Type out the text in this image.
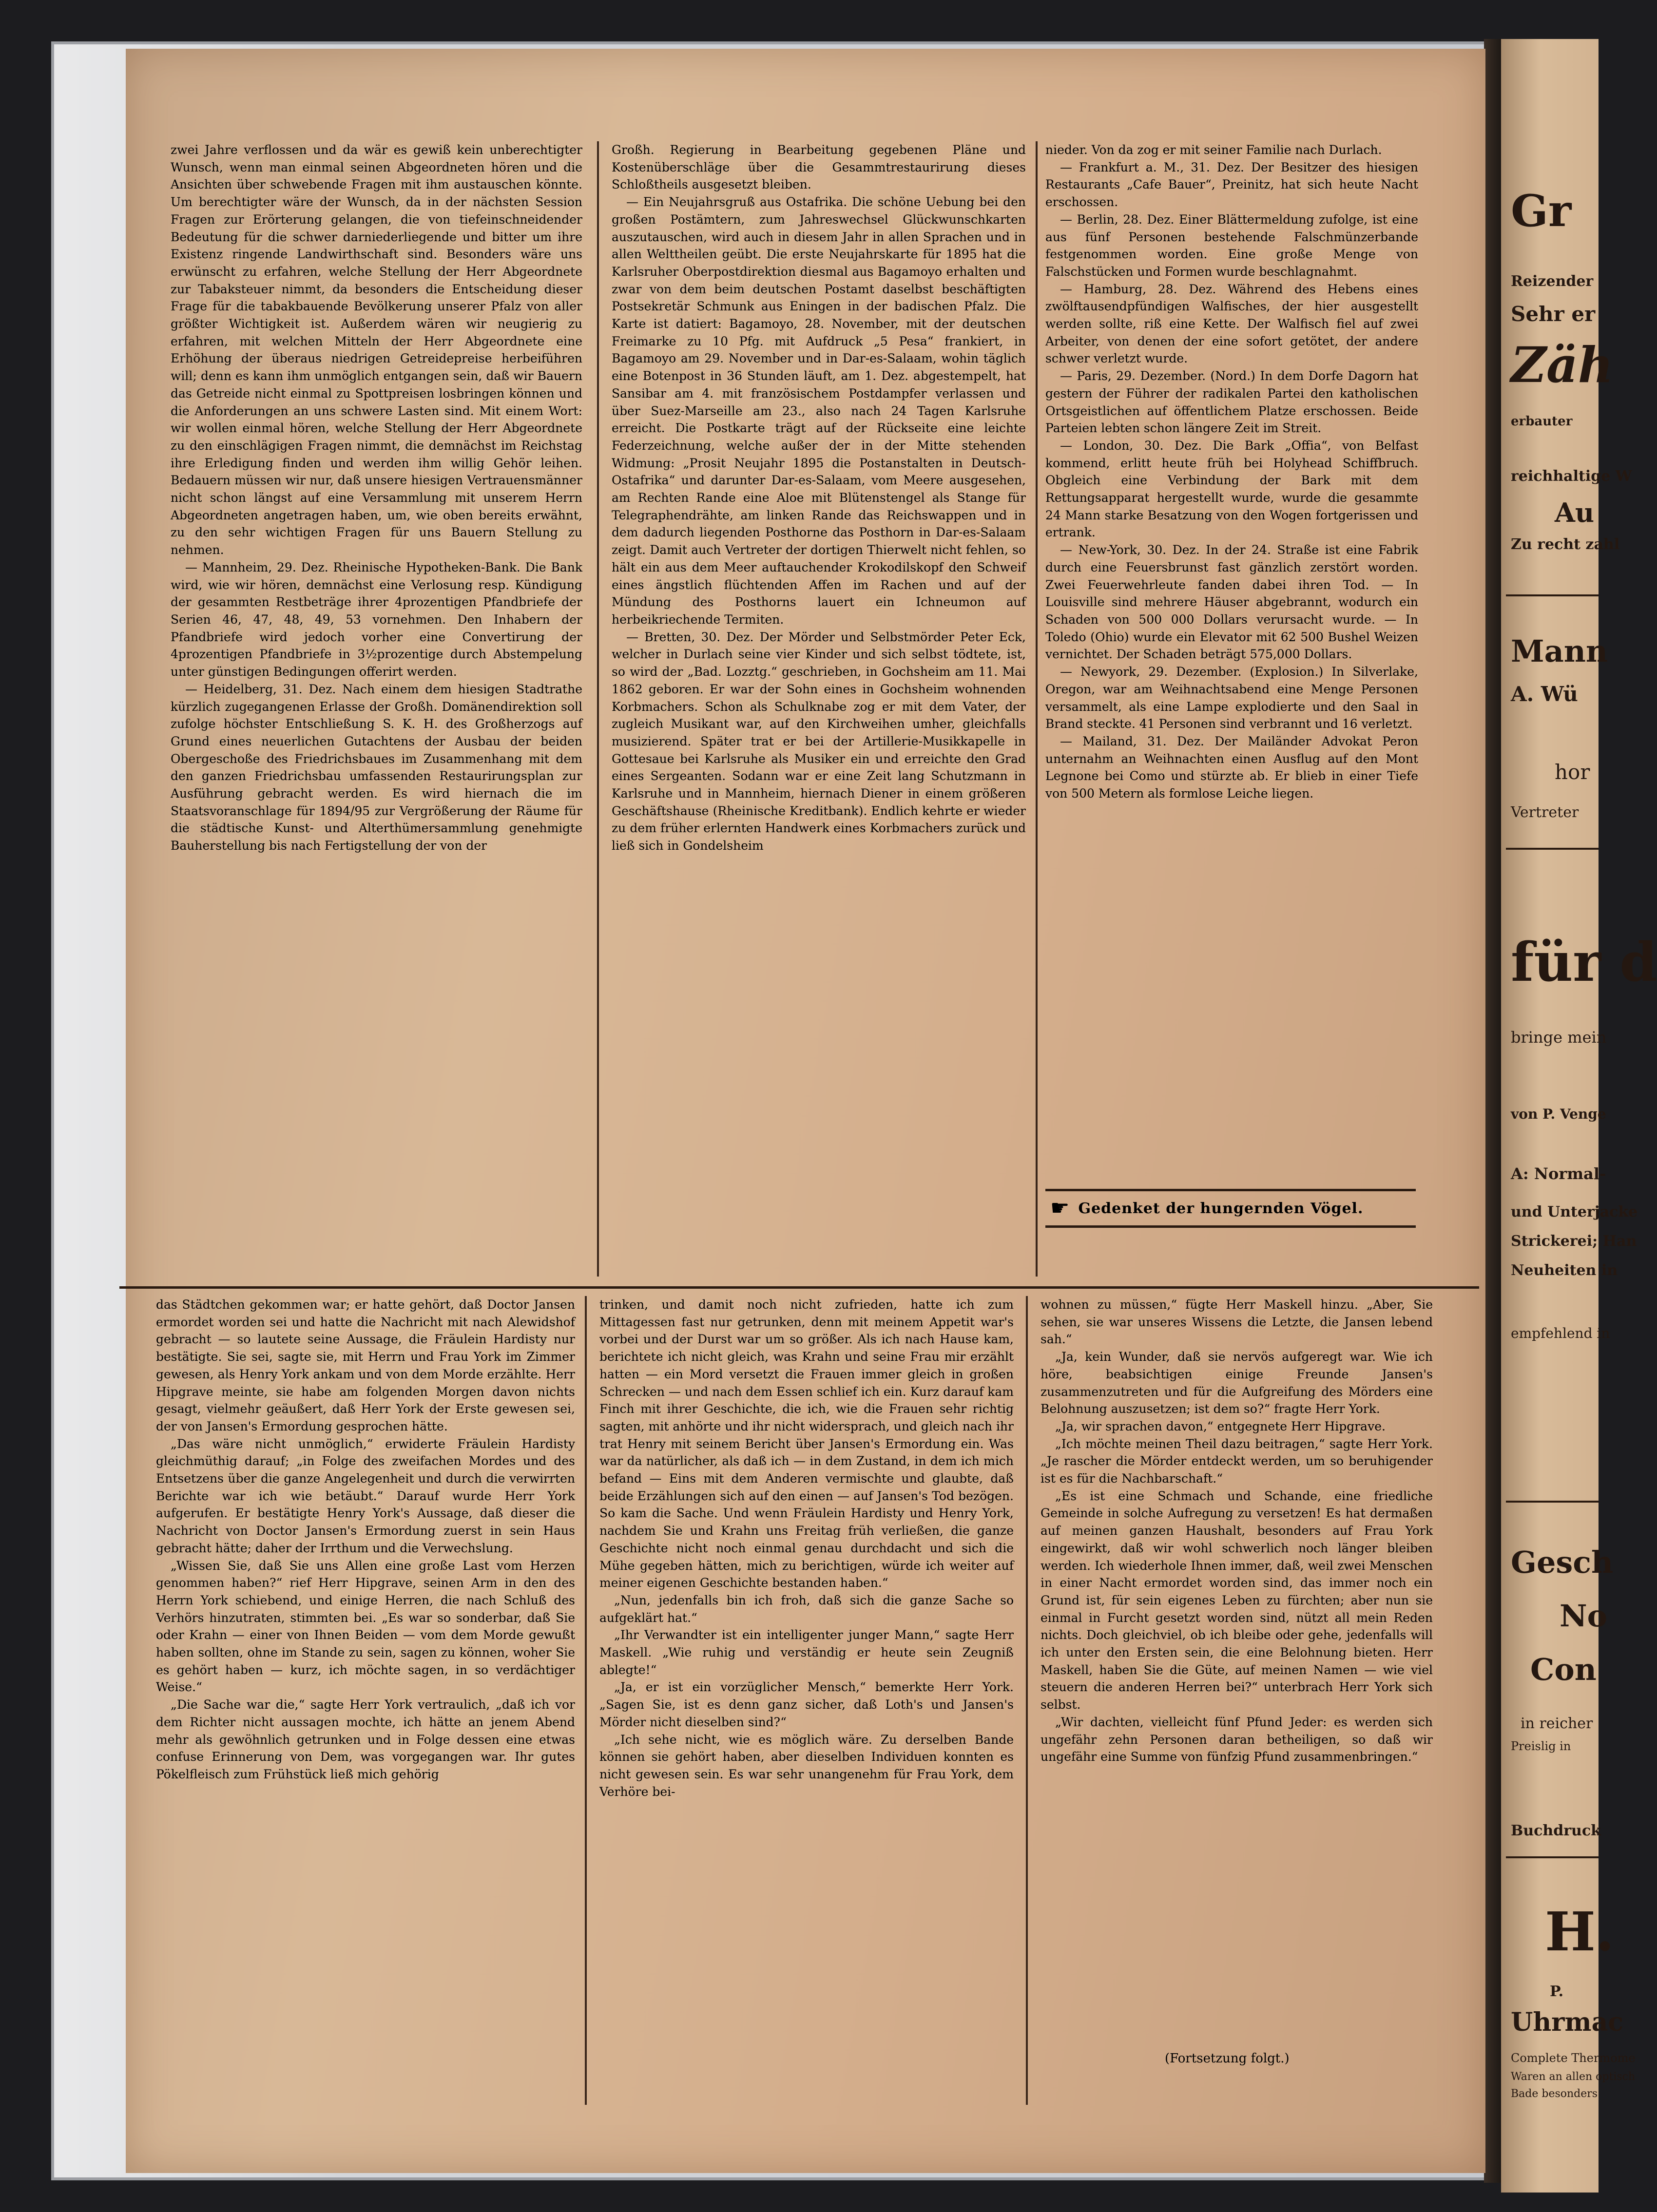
Gr
Reizender
Sehr er
Zäh
erbauter
reichhaltige W
Au
Zu recht zahl
Mann
A. Wü
hor
Vertreter
für d
bringe mein
von P. Venge
A: Normal-
und Unterjacke
Strickerei; Han
Neuheiten in
empfehlend in
Gesch
No
Con
in reicher
Preislig in
Buchdruck
H.
P.
Uhrmac
Complete Thermome
Waren an allen optisch
Bade besonders

zwei Jahre verflossen und da wär es gewiß kein unberechtigter Wunsch, wenn man einmal seinen Abgeordneten hören und die Ansichten über schwebende Fragen mit ihm austauschen könnte. Um berechtigter wäre der Wunsch, da in der nächsten Session Fragen zur Erörterung gelangen, die von tiefeinschneidender Bedeutung für die schwer darniederliegende und bitter um ihre Existenz ringende Landwirthschaft sind. Besonders wäre uns erwünscht zu erfahren, welche Stellung der Herr Abgeordnete zur Tabaksteuer nimmt, da besonders die Entscheidung dieser Frage für die tabakbauende Bevölkerung unserer Pfalz von aller größter Wichtigkeit ist. Außerdem wären wir neugierig zu erfahren, mit welchen Mitteln der Herr Abgeordnete eine Erhöhung der überaus niedrigen Getreidepreise herbeiführen will; denn es kann ihm unmöglich entgangen sein, daß wir Bauern das Getreide nicht einmal zu Spottpreisen losbringen können und die Anforderungen an uns schwere Lasten sind. Mit einem Wort: wir wollen einmal hören, welche Stellung der Herr Abgeordnete zu den einschlägigen Fragen nimmt, die demnächst im Reichstag ihre Erledigung finden und werden ihm willig Gehör leihen. Bedauern müssen wir nur, daß unsere hiesigen Vertrauensmänner nicht schon längst auf eine Versammlung mit unserem Herrn Abgeordneten angetragen haben, um, wie oben bereits erwähnt, zu den sehr wichtigen Fragen für uns Bauern Stellung zu nehmen.

— Mannheim, 29. Dez. Rheinische Hypotheken-Bank. Die Bank wird, wie wir hören, demnächst eine Verlosung resp. Kündigung der gesammten Restbeträge ihrer 4prozentigen Pfandbriefe der Serien 46, 47, 48, 49, 53 vornehmen. Den Inhabern der Pfandbriefe wird jedoch vorher eine Convertirung der 4prozentigen Pfandbriefe in 3½prozentige durch Abstempelung unter günstigen Bedingungen offerirt werden.

— Heidelberg, 31. Dez. Nach einem dem hiesigen Stadtrathe kürzlich zugegangenen Erlasse der Großh. Domänendirektion soll zufolge höchster Entschließung S. K. H. des Großherzogs auf Grund eines neuerlichen Gutachtens der Ausbau der beiden Obergeschoße des Friedrichsbaues im Zusammenhang mit dem den ganzen Friedrichsbau umfassenden Restaurirungsplan zur Ausführung gebracht werden. Es wird hiernach die im Staatsvoranschlage für 1894/95 zur Vergrößerung der Räume für die städtische Kunst- und Alterthümersammlung genehmigte Bauherstellung bis nach Fertigstellung der von der

Großh. Regierung in Bearbeitung gegebenen Pläne und Kostenüberschläge über die Gesammtrestaurirung dieses Schloßtheils ausgesetzt bleiben.

— Ein Neujahrsgruß aus Ostafrika. Die schöne Uebung bei den großen Postämtern, zum Jahreswechsel Glückwunschkarten auszutauschen, wird auch in diesem Jahr in allen Sprachen und in allen Welttheilen geübt. Die erste Neujahrskarte für 1895 hat die Karlsruher Oberpostdirektion diesmal aus Bagamoyo erhalten und zwar von dem beim deutschen Postamt daselbst beschäftigten Postsekretär Schmunk aus Eningen in der badischen Pfalz. Die Karte ist datiert: Bagamoyo, 28. November, mit der deutschen Freimarke zu 10 Pfg. mit Aufdruck „5 Pesa“ frankiert, in Bagamoyo am 29. November und in Dar-es-Salaam, wohin täglich eine Botenpost in 36 Stunden läuft, am 1. Dez. abgestempelt, hat Sansibar am 4. mit französischem Postdampfer verlassen und über Suez-Marseille am 23., also nach 24 Tagen Karlsruhe erreicht. Die Postkarte trägt auf der Rückseite eine leichte Federzeichnung, welche außer der in der Mitte stehenden Widmung: „Prosit Neujahr 1895 die Postanstalten in Deutsch-Ostafrika“ und darunter Dar-es-Salaam, vom Meere ausgesehen, am Rechten Rande eine Aloe mit Blütenstengel als Stange für Telegraphendrähte, am linken Rande das Reichswappen und in dem dadurch liegenden Posthorne das Posthorn in Dar-es-Salaam zeigt. Damit auch Vertreter der dortigen Thierwelt nicht fehlen, so hält ein aus dem Meer auftauchender Krokodilskopf den Schweif eines ängstlich flüchtenden Affen im Rachen und auf der Mündung des Posthorns lauert ein Ichneumon auf herbeikriechende Termiten.

— Bretten, 30. Dez. Der Mörder und Selbstmörder Peter Eck, welcher in Durlach seine vier Kinder und sich selbst tödtete, ist, so wird der „Bad. Lozztg.“ geschrieben, in Gochsheim am 11. Mai 1862 geboren. Er war der Sohn eines in Gochsheim wohnenden Korbmachers. Schon als Schulknabe zog er mit dem Vater, der zugleich Musikant war, auf den Kirchweihen umher, gleichfalls musizierend. Später trat er bei der Artillerie-Musikkapelle in Gottesaue bei Karlsruhe als Musiker ein und erreichte den Grad eines Sergeanten. Sodann war er eine Zeit lang Schutzmann in Karlsruhe und in Mannheim, hiernach Diener in einem größeren Geschäftshause (Rheinische Kreditbank). Endlich kehrte er wieder zu dem früher erlernten Handwerk eines Korbmachers zurück und ließ sich in Gondelsheim

nieder. Von da zog er mit seiner Familie nach Durlach.

— Frankfurt a. M., 31. Dez. Der Besitzer des hiesigen Restaurants „Cafe Bauer“, Preinitz, hat sich heute Nacht erschossen.

— Berlin, 28. Dez. Einer Blättermeldung zufolge, ist eine aus fünf Personen bestehende Falschmünzerbande festgenommen worden. Eine große Menge von Falschstücken und Formen wurde beschlagnahmt.

— Hamburg, 28. Dez. Während des Hebens eines zwölftausendpfündigen Walfisches, der hier ausgestellt werden sollte, riß eine Kette. Der Walfisch fiel auf zwei Arbeiter, von denen der eine sofort getötet, der andere schwer verletzt wurde.

— Paris, 29. Dezember. (Nord.) In dem Dorfe Dagorn hat gestern der Führer der radikalen Partei den katholischen Ortsgeistlichen auf öffentlichem Platze erschossen. Beide Parteien lebten schon längere Zeit im Streit.

— London, 30. Dez. Die Bark „Offia“, von Belfast kommend, erlitt heute früh bei Holyhead Schiffbruch. Obgleich eine Verbindung der Bark mit dem Rettungsapparat hergestellt wurde, wurde die gesammte 24 Mann starke Besatzung von den Wogen fortgerissen und ertrank.

— New-York, 30. Dez. In der 24. Straße ist eine Fabrik durch eine Feuersbrunst fast gänzlich zerstört worden. Zwei Feuerwehrleute fanden dabei ihren Tod. — In Louisville sind mehrere Häuser abgebrannt, wodurch ein Schaden von 500 000 Dollars verursacht wurde. — In Toledo (Ohio) wurde ein Elevator mit 62 500 Bushel Weizen vernichtet. Der Schaden beträgt 575,000 Dollars.

— Newyork, 29. Dezember. (Explosion.) In Silverlake, Oregon, war am Weihnachtsabend eine Menge Personen versammelt, als eine Lampe explodierte und den Saal in Brand steckte. 41 Personen sind verbrannt und 16 verletzt.

— Mailand, 31. Dez. Der Mailänder Advokat Peron unternahm an Weihnachten einen Ausflug auf den Mont Legnone bei Como und stürzte ab. Er blieb in einer Tiefe von 500 Metern als formlose Leiche liegen.

☛ Gedenket der hungernden Vögel.

das Städtchen gekommen war; er hatte gehört, daß Doctor Jansen ermordet worden sei und hatte die Nachricht mit nach Alewidshof gebracht — so lautete seine Aussage, die Fräulein Hardisty nur bestätigte. Sie sei, sagte sie, mit Herrn und Frau York im Zimmer gewesen, als Henry York ankam und von dem Morde erzählte. Herr Hipgrave meinte, sie habe am folgenden Morgen davon nichts gesagt, vielmehr geäußert, daß Herr York der Erste gewesen sei, der von Jansen's Ermordung gesprochen hätte.

„Das wäre nicht unmöglich,“ erwiderte Fräulein Hardisty gleichmüthig darauf; „in Folge des zweifachen Mordes und des Entsetzens über die ganze Angelegenheit und durch die verwirrten Berichte war ich wie betäubt.“ Darauf wurde Herr York aufgerufen. Er bestätigte Henry York's Aussage, daß dieser die Nachricht von Doctor Jansen's Ermordung zuerst in sein Haus gebracht hätte; daher der Irrthum und die Verwechslung.

„Wissen Sie, daß Sie uns Allen eine große Last vom Herzen genommen haben?“ rief Herr Hipgrave, seinen Arm in den des Herrn York schiebend, und einige Herren, die nach Schluß des Verhörs hinzutraten, stimmten bei. „Es war so sonderbar, daß Sie oder Krahn — einer von Ihnen Beiden — vom dem Morde gewußt haben sollten, ohne im Stande zu sein, sagen zu können, woher Sie es gehört haben — kurz, ich möchte sagen, in so verdächtiger Weise.“

„Die Sache war die,“ sagte Herr York vertraulich, „daß ich vor dem Richter nicht aussagen mochte, ich hätte an jenem Abend mehr als gewöhnlich getrunken und in Folge dessen eine etwas confuse Erinnerung von Dem, was vorgegangen war. Ihr gutes Pökelfleisch zum Frühstück ließ mich gehörig

trinken, und damit noch nicht zufrieden, hatte ich zum Mittagessen fast nur getrunken, denn mit meinem Appetit war's vorbei und der Durst war um so größer. Als ich nach Hause kam, berichtete ich nicht gleich, was Krahn und seine Frau mir erzählt hatten — ein Mord versetzt die Frauen immer gleich in großen Schrecken — und nach dem Essen schlief ich ein. Kurz darauf kam Finch mit ihrer Geschichte, die ich, wie die Frauen sehr richtig sagten, mit anhörte und ihr nicht widersprach, und gleich nach ihr trat Henry mit seinem Bericht über Jansen's Ermordung ein. Was war da natürlicher, als daß ich — in dem Zustand, in dem ich mich befand — Eins mit dem Anderen vermischte und glaubte, daß beide Erzählungen sich auf den einen — auf Jansen's Tod bezögen. So kam die Sache. Und wenn Fräulein Hardisty und Henry York, nachdem Sie und Krahn uns Freitag früh verließen, die ganze Geschichte nicht noch einmal genau durchdacht und sich die Mühe gegeben hätten, mich zu berichtigen, würde ich weiter auf meiner eigenen Geschichte bestanden haben.“

„Nun, jedenfalls bin ich froh, daß sich die ganze Sache so aufgeklärt hat.“

„Ihr Verwandter ist ein intelligenter junger Mann,“ sagte Herr Maskell. „Wie ruhig und verständig er heute sein Zeugniß ablegte!“

„Ja, er ist ein vorzüglicher Mensch,“ bemerkte Herr York. „Sagen Sie, ist es denn ganz sicher, daß Loth's und Jansen's Mörder nicht dieselben sind?“

„Ich sehe nicht, wie es möglich wäre. Zu derselben Bande können sie gehört haben, aber dieselben Individuen konnten es nicht gewesen sein. Es war sehr unangenehm für Frau York, dem Verhöre bei-

wohnen zu müssen,“ fügte Herr Maskell hinzu. „Aber, Sie sehen, sie war unseres Wissens die Letzte, die Jansen lebend sah.“

„Ja, kein Wunder, daß sie nervös aufgeregt war. Wie ich höre, beabsichtigen einige Freunde Jansen's zusammenzutreten und für die Aufgreifung des Mörders eine Belohnung auszusetzen; ist dem so?“ fragte Herr York.

„Ja, wir sprachen davon,“ entgegnete Herr Hipgrave.

„Ich möchte meinen Theil dazu beitragen,“ sagte Herr York. „Je rascher die Mörder entdeckt werden, um so beruhigender ist es für die Nachbarschaft.“

„Es ist eine Schmach und Schande, eine friedliche Gemeinde in solche Aufregung zu versetzen! Es hat dermaßen auf meinen ganzen Haushalt, besonders auf Frau York eingewirkt, daß wir wohl schwerlich noch länger bleiben werden. Ich wiederhole Ihnen immer, daß, weil zwei Menschen in einer Nacht ermordet worden sind, das immer noch ein Grund ist, für sein eigenes Leben zu fürchten; aber nun sie einmal in Furcht gesetzt worden sind, nützt all mein Reden nichts. Doch gleichviel, ob ich bleibe oder gehe, jedenfalls will ich unter den Ersten sein, die eine Belohnung bieten. Herr Maskell, haben Sie die Güte, auf meinen Namen — wie viel steuern die anderen Herren bei?“ unterbrach Herr York sich selbst.

„Wir dachten, vielleicht fünf Pfund Jeder: es werden sich ungefähr zehn Personen daran betheiligen, so daß wir ungefähr eine Summe von fünfzig Pfund zusammenbringen.“

(Fortsetzung folgt.)
